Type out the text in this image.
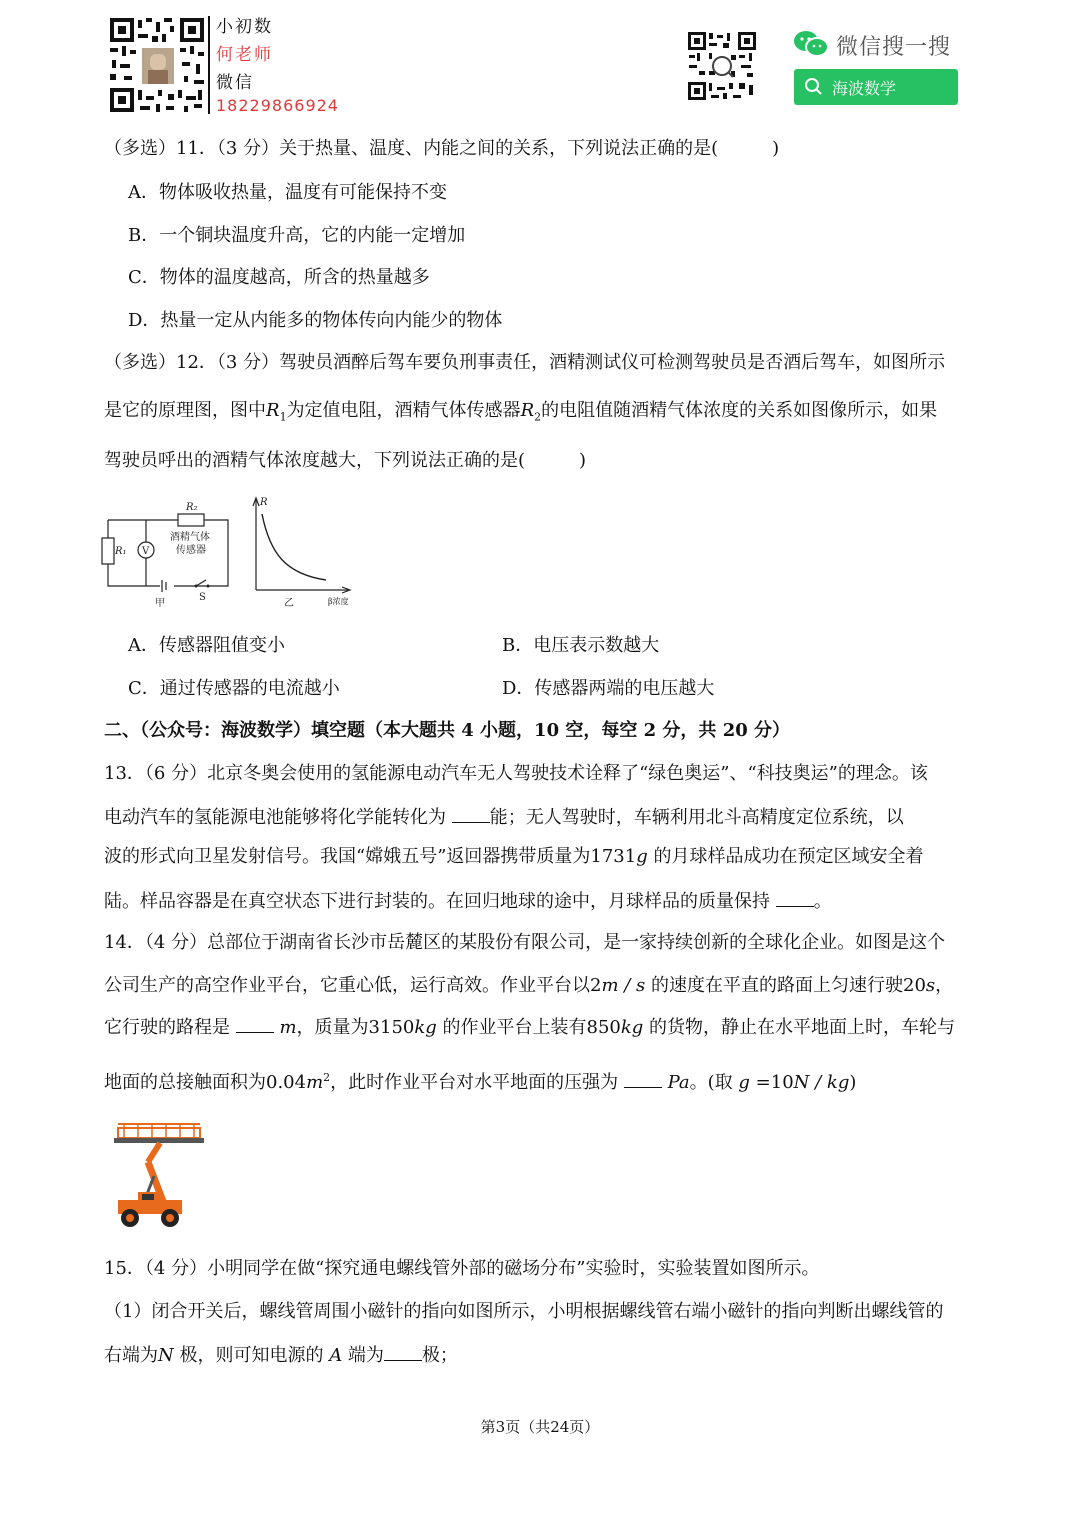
小初数
何老师
微信
18229866924
微信搜一搜
海波数学
（多选）11．（3 分）关于热量、温度、内能之间的关系，下列说法正确的是(　　　)
A．物体吸收热量，温度有可能保持不变
B．一个铜块温度升高，它的内能一定增加
C．物体的温度越高，所含的热量越多
D．热量一定从内能多的物体传向内能少的物体
（多选）12．（3 分）驾驶员酒醉后驾车要负刑事责任，酒精测试仪可检测驾驶员是否酒后驾车，如图所示
是它的原理图，图中$R_1$为定值电阻，酒精气体传感器$R_2$的电阻值随酒精气体浓度的关系如图像所示，如果
驾驶员呼出的酒精气体浓度越大，下列说法正确的是(　　　)
R₂
酒精气体
传感器
R₁ V
S
甲
R
乙	β浓度
A．传感器阻值变小	B．电压表示数越大
C．通过传感器的电流越小	D．传感器两端的电压越大
二、（公众号：海波数学）填空题（本大题共 4 小题，10 空，每空 2 分，共 20 分）
13．（6 分）北京冬奥会使用的氢能源电动汽车无人驾驶技术诠释了“绿色奥运”、“科技奥运”的理念。该
电动汽车的氢能源电池能够将化学能转化为 能；无人驾驶时，车辆利用北斗高精度定位系统，以
波的形式向卫星发射信号。我国“嫦娥五号”返回器携带质量为1731g 的月球样品成功在预定区域安全着
陆。样品容器是在真空状态下进行封装的。在回归地球的途中，月球样品的质量保持 。
14．（4 分）总部位于湖南省长沙市岳麓区的某股份有限公司，是一家持续创新的全球化企业。如图是这个
公司生产的高空作业平台，它重心低，运行高效。作业平台以2m / s 的速度在平直的路面上匀速行驶20s，
它行驶的路程是  m，质量为3150kg 的作业平台上装有850kg 的货物，静止在水平地面上时，车轮与
地面的总接触面积为$0.04m^2$，此时作业平台对水平地面的压强为  Pa。(取 g =10N / kg)
15．（4 分）小明同学在做“探究通电螺线管外部的磁场分布”实验时，实验装置如图所示。
（1）闭合开关后，螺线管周围小磁针的指向如图所示，小明根据螺线管右端小磁针的指向判断出螺线管的
右端为N 极，则可知电源的 A 端为 极；
第3页（共24页）
